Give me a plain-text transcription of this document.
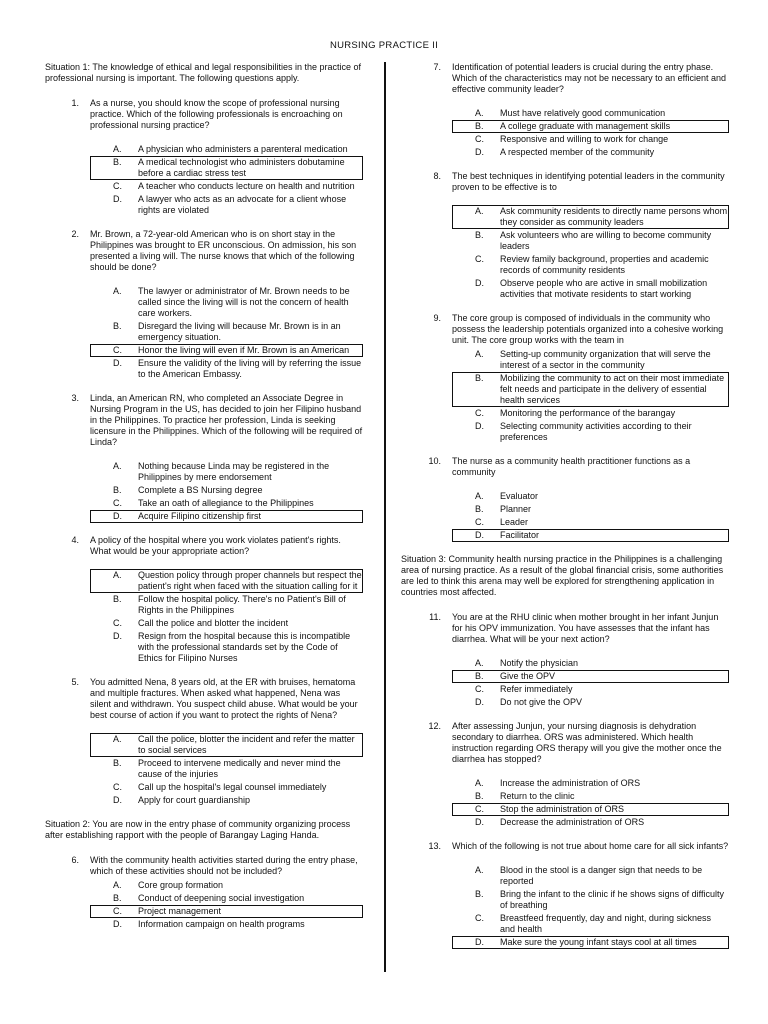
NURSING PRACTICE II
Situation 1: The knowledge of ethical and legal responsibilities in the practice of professional nursing is important. The following questions apply.
1.	As a nurse, you should know the scope of professional nursing practice. Which of the following professionals is encroaching on professional nursing practice?
A.	A physician who administers a parenteral medication
B.	A medical technologist who administers dobutamine before a cardiac stress test
C.	A teacher who conducts lecture on health and nutrition
D.	A lawyer who acts as an advocate for a client whose rights are violated
2.	Mr. Brown, a 72-year-old American who is on short stay in the Philippines was brought to ER unconscious. On admission, his son presented a living will. The nurse knows that which of the following should be done?
A.	The lawyer or administrator of Mr. Brown needs to be called since the living will is not the concern of health care workers.
B.	Disregard the living will because Mr. Brown is in an emergency situation.
C.	Honor the living will even if Mr. Brown is an American
D.	Ensure the validity of the living will by referring the issue to the American Embassy.
3.	Linda, an American RN, who completed an Associate Degree in Nursing Program in the US, has decided to join her Filipino husband in the Philippines. To practice her profession, Linda is seeking licensure in the Philippines. Which of the following will be required of Linda?
A.	Nothing because Linda may be registered in the Philippines by mere endorsement
B.	Complete a BS Nursing degree
C.	Take an oath of allegiance to the Philippines
D.	Acquire Filipino citizenship first
4.	A policy of the hospital where you work violates patient's rights. What would be your appropriate action?
A.	Question policy through proper channels but respect the patient's right when faced with the situation calling for it
B.	Follow the hospital policy. There's no Patient's Bill of Rights in the Philippines
C.	Call the police and blotter the incident
D.	Resign from the hospital because this is incompatible with the professional standards set by the Code of Ethics for Filipino Nurses
5.	You admitted Nena, 8 years old, at the ER with bruises, hematoma and multiple fractures. When asked what happened, Nena was silent and withdrawn. You suspect child abuse. What would be your best course of action if you want to protect the rights of Nena?
A.	Call the police, blotter the incident and refer the matter to social services
B.	Proceed to intervene medically and never mind the cause of the injuries
C.	Call up the hospital's legal counsel immediately
D.	Apply for court guardianship
Situation 2: You are now in the entry phase of community organizing process after establishing rapport with the people of Barangay Laging Handa.
6.	With the community health activities started during the entry phase, which of these activities should not be included?
A.	Core group formation
B.	Conduct of deepening social investigation
C.	Project management
D.	Information campaign on health programs
7.	Identification of potential leaders is crucial during the entry phase. Which of the characteristics may not be necessary to an efficient and effective community leader?
A.	Must have relatively good communication
B.	A college graduate with management skills
C.	Responsive and willing to work for change
D.	A respected member of the community
8.	The best techniques in identifying potential leaders in the community proven to be effective is to
A.	Ask community residents to directly name persons whom they consider as community leaders
B.	Ask volunteers who are willing to become community leaders
C.	Review family background, properties and academic records of community residents
D.	Observe people who are active in small mobilization activities that motivate residents to start working
9.	The core group is composed of individuals in the community who possess the leadership potentials organized into a cohesive working unit. The core group works with the team in
A.	Setting-up community organization that will serve the interest of a sector in the community
B.	Mobilizing the community to act on their most immediate felt needs and participate in the delivery of essential health services
C.	Monitoring the performance of the barangay
D.	Selecting community activities according to their preferences
10.	The nurse as a community health practitioner functions as a community
A.	Evaluator
B.	Planner
C.	Leader
D.	Facilitator
Situation 3: Community health nursing practice in the Philippines is a challenging area of nursing practice. As a result of the global financial crisis, some authorities are led to think this arena may well be explored for strengthening application in countries most affected.
11.	You are at the RHU clinic when mother brought in her infant Junjun for his OPV immunization. You have assesses that the infant has diarrhea. What will be your next action?
A.	Notify the physician
B.	Give the OPV
C.	Refer immediately
D.	Do not give the OPV
12.	After assessing Junjun, your nursing diagnosis is dehydration secondary to diarrhea. ORS was administered. Which health instruction regarding ORS therapy will you give the mother once the diarrhea has stopped?
A.	Increase the administration of ORS
B.	Return to the clinic
C.	Stop the administration of ORS
D.	Decrease the administration of ORS
13.	Which of the following is not true about home care for all sick infants?
A.	Blood in the stool is a danger sign that needs to be reported
B.	Bring the infant to the clinic if he shows signs of difficulty of breathing
C.	Breastfeed frequently, day and night, during sickness and health
D.	Make sure the young infant stays cool at all times
